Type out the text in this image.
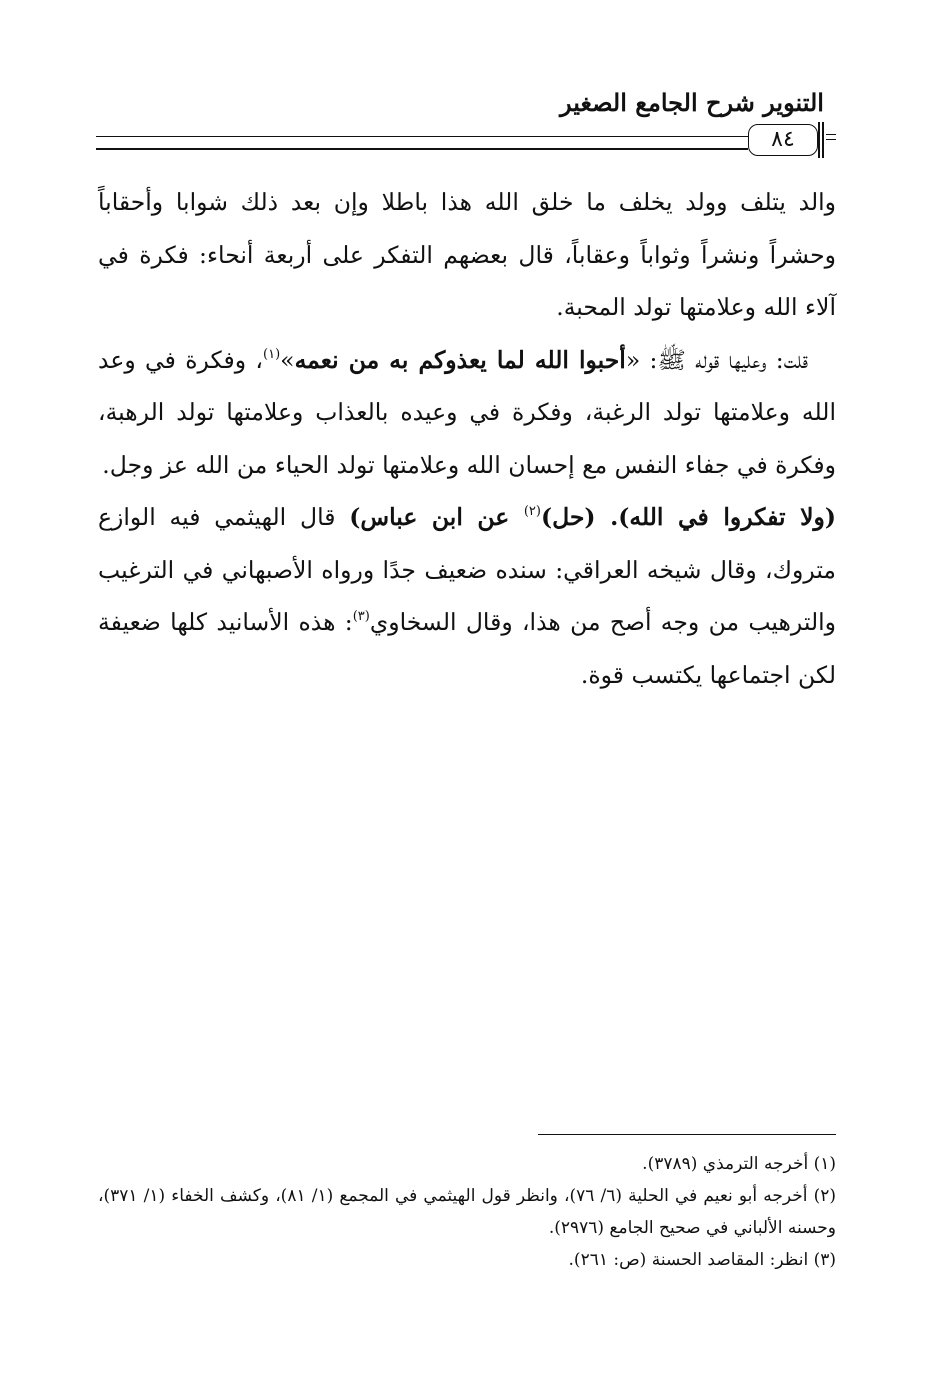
التنوير شرح الجامع الصغير
٨٤

والد يتلف وولد يخلف ما خلق الله هذا باطلا وإن بعد ذلك شوابا وأحقاباً وحشراً ونشراً وثواباً وعقاباً، قال بعضهم التفكر على أربعة أنحاء: فكرة في آلاء الله وعلامتها تولد المحبة.

قلت: وعليها قوله ﷺ: «أحبوا الله لما يعذوكم به من نعمه»$^{(١)}$، وفكرة في وعد الله وعلامتها تولد الرغبة، وفكرة في وعيده بالعذاب وعلامتها تولد الرهبة، وفكرة في جفاء النفس مع إحسان الله وعلامتها تولد الحياء من الله عز وجل.

(ولا تفكروا في الله). (حل)$^{(٢)}$ عن ابن عباس) قال الهيثمي فيه الوازع متروك، وقال شيخه العراقي: سنده ضعيف جدًا ورواه الأصبهاني في الترغيب والترهيب من وجه أصح من هذا، وقال السخاوي$^{(٣)}$: هذه الأسانيد كلها ضعيفة لكن اجتماعها يكتسب قوة.

(١) أخرجه الترمذي (٣٧٨٩).

(٢) أخرجه أبو نعيم في الحلية (٦/ ٧٦)، وانظر قول الهيثمي في المجمع (١/ ٨١)، وكشف الخفاء (١/ ٣٧١)، وحسنه الألباني في صحيح الجامع (٢٩٧٦).

(٣) انظر: المقاصد الحسنة (ص: ٢٦١).
